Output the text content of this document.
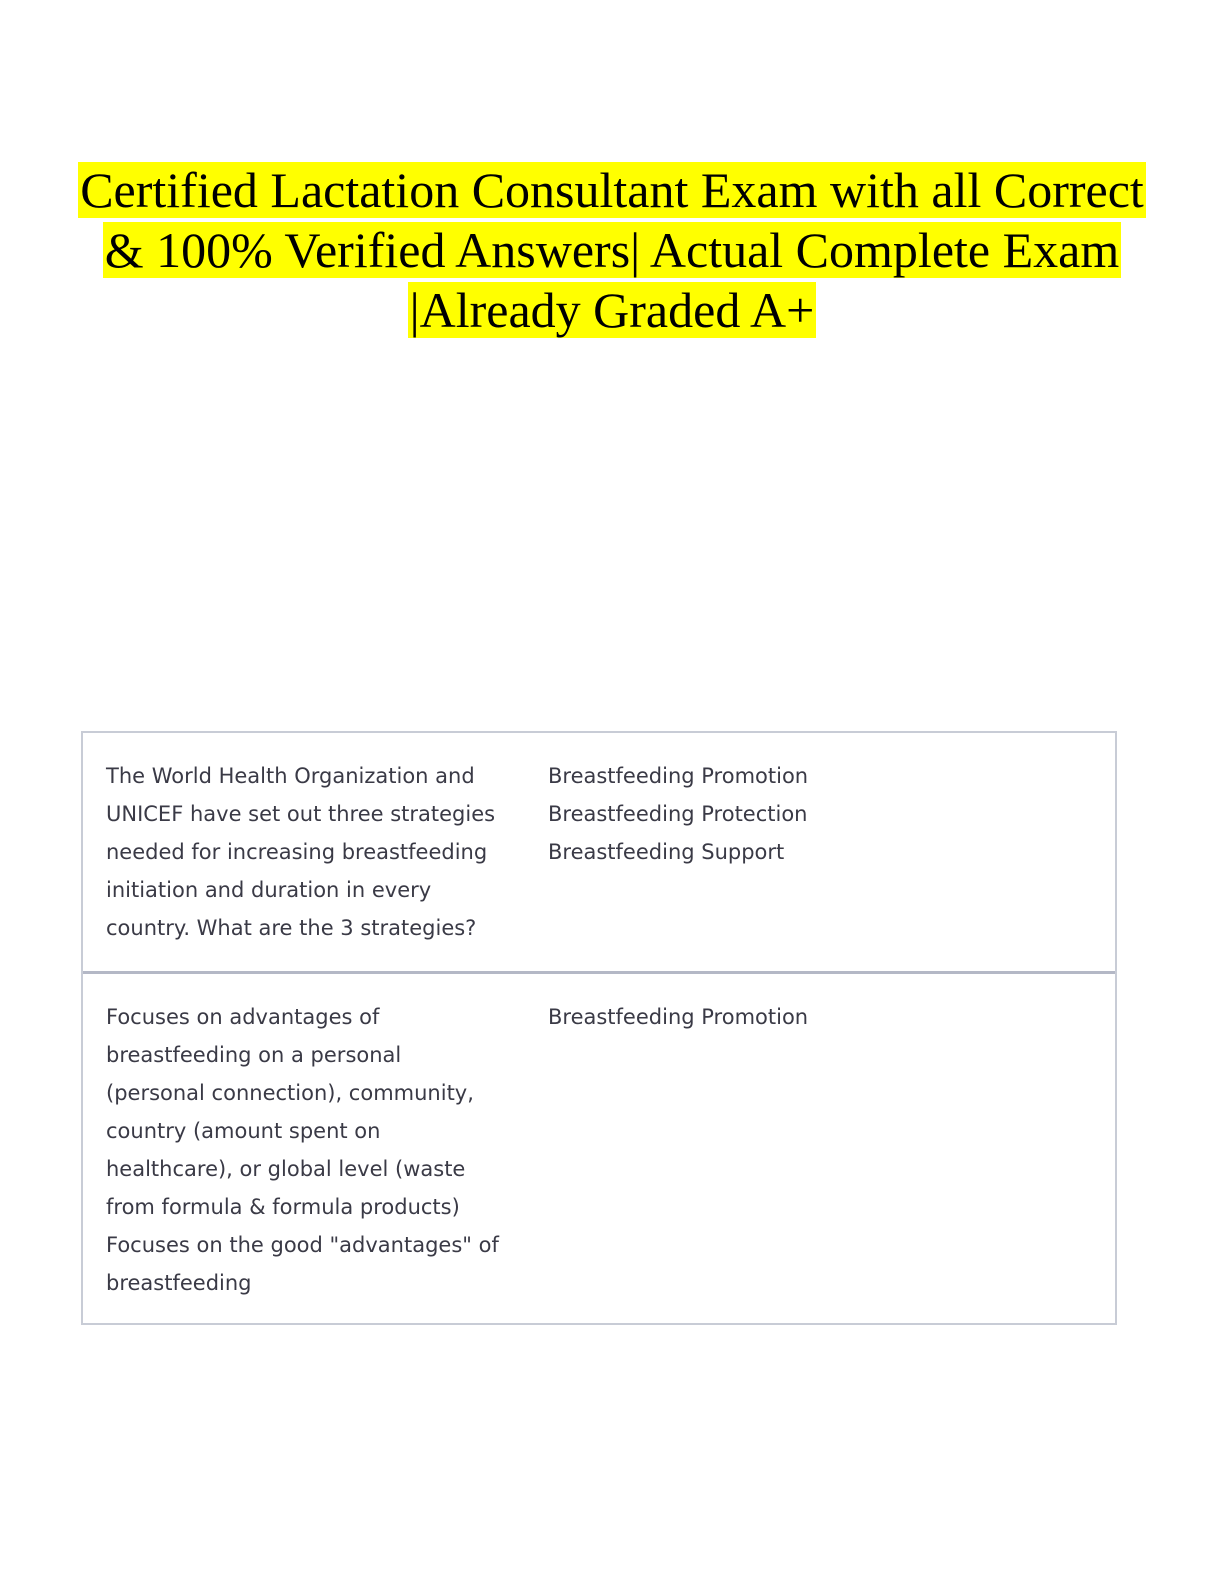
Certified Lactation Consultant Exam with all Correct
& 100% Verified Answers| Actual Complete Exam
|Already Graded A+
The World Health Organization and
UNICEF have set out three strategies
needed for increasing breastfeeding
initiation and duration in every
country. What are the 3 strategies?
Breastfeeding Promotion
Breastfeeding Protection
Breastfeeding Support
Focuses on advantages of
breastfeeding on a personal
(personal connection), community,
country (amount spent on
healthcare), or global level (waste
from formula & formula products)
Focuses on the good "advantages" of
breastfeeding
Breastfeeding Promotion
